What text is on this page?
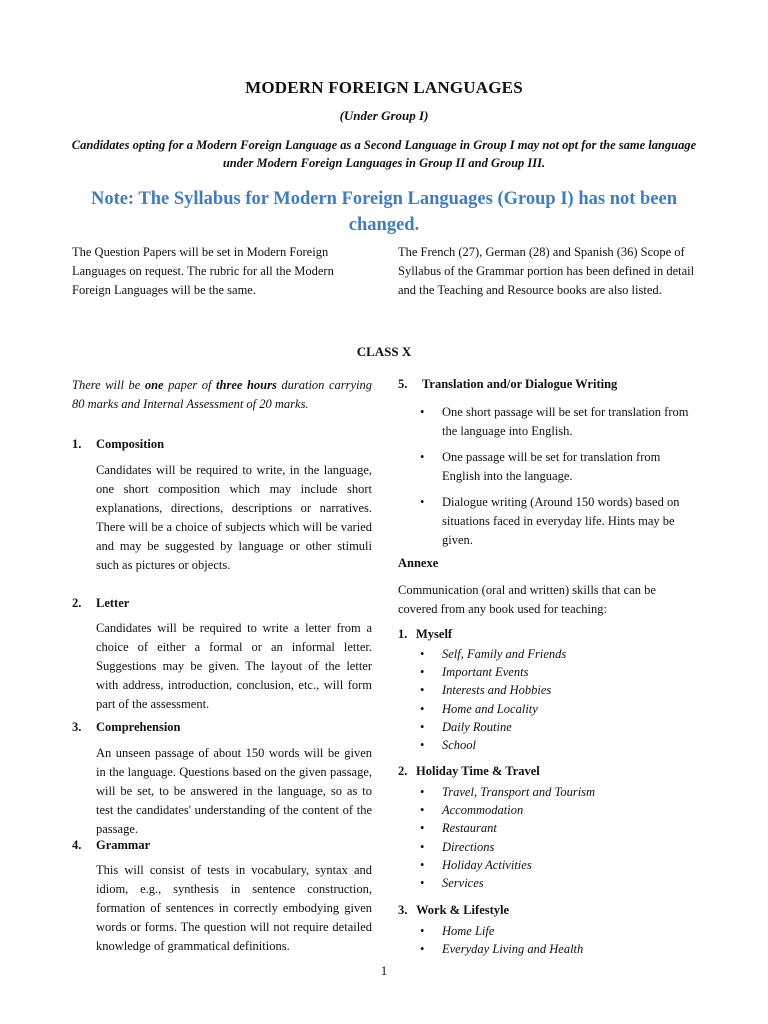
MODERN FOREIGN LANGUAGES
(Under Group I)
Candidates opting for a Modern Foreign Language as a Second Language in Group I may not opt for the same language under Modern Foreign Languages in Group II and Group III.
Note: The Syllabus for Modern Foreign Languages (Group I) has not been changed.
The Question Papers will be set in Modern Foreign Languages on request. The rubric for all the Modern Foreign Languages will be the same.
The French (27), German (28) and Spanish (36) Scope of Syllabus of the Grammar portion has been defined in detail and the Teaching and Resource books are also listed.
CLASS X
There will be one paper of three hours duration carrying 80 marks and Internal Assessment of 20 marks.
1. Composition
Candidates will be required to write, in the language, one short composition which may include short explanations, directions, descriptions or narratives. There will be a choice of subjects which will be varied and may be suggested by language or other stimuli such as pictures or objects.
2. Letter
Candidates will be required to write a letter from a choice of either a formal or an informal letter. Suggestions may be given. The layout of the letter with address, introduction, conclusion, etc., will form part of the assessment.
3. Comprehension
An unseen passage of about 150 words will be given in the language. Questions based on the given passage, will be set, to be answered in the language, so as to test the candidates' understanding of the content of the passage.
4. Grammar
This will consist of tests in vocabulary, syntax and idiom, e.g., synthesis in sentence construction, formation of sentences in correctly embodying given words or forms. The question will not require detailed knowledge of grammatical definitions.
5. Translation and/or Dialogue Writing
• One short passage will be set for translation from the language into English.
• One passage will be set for translation from English into the language.
• Dialogue writing (Around 150 words) based on situations faced in everyday life. Hints may be given.
Annexe
Communication (oral and written) skills that can be covered from any book used for teaching:
1. Myself
• Self, Family and Friends
• Important Events
• Interests and Hobbies
• Home and Locality
• Daily Routine
• School
2. Holiday Time & Travel
• Travel, Transport and Tourism
• Accommodation
• Restaurant
• Directions
• Holiday Activities
• Services
3. Work & Lifestyle
• Home Life
• Everyday Living and Health
1
